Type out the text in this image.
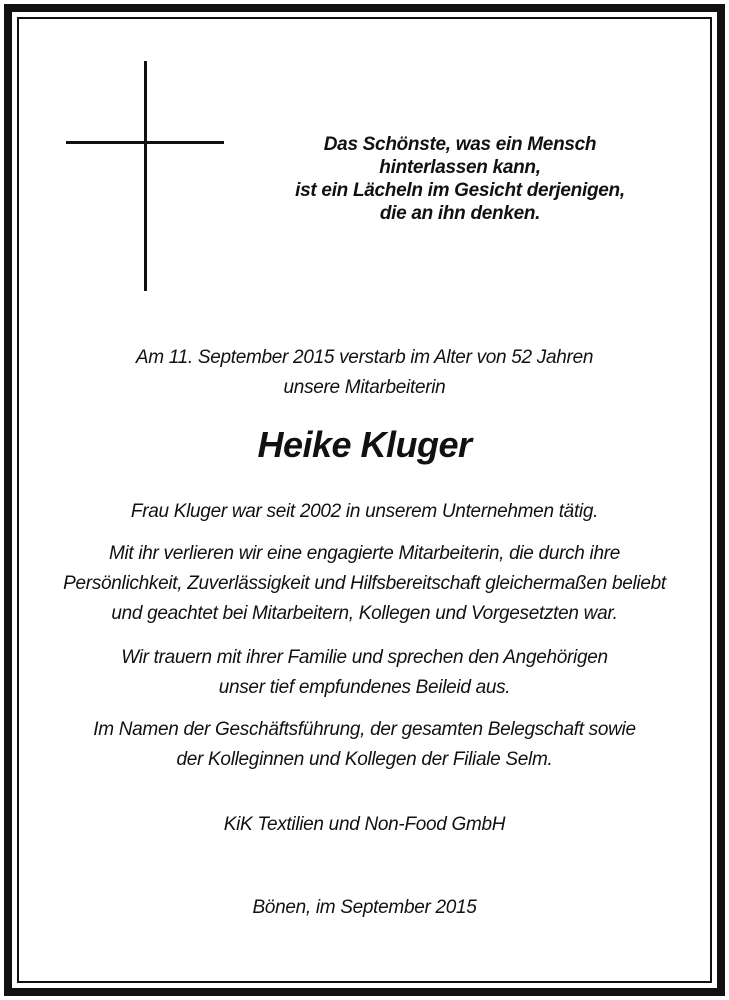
Das Schönste, was ein Mensch
hinterlassen kann,
ist ein Lächeln im Gesicht derjenigen,
die an ihn denken.
Am 11. September 2015 verstarb im Alter von 52 Jahren
unsere Mitarbeiterin
Heike Kluger
Frau Kluger war seit 2002 in unserem Unternehmen tätig.
Mit ihr verlieren wir eine engagierte Mitarbeiterin, die durch ihre
Persönlichkeit, Zuverlässigkeit und Hilfsbereitschaft gleichermaßen beliebt
und geachtet bei Mitarbeitern, Kollegen und Vorgesetzten war.
Wir trauern mit ihrer Familie und sprechen den Angehörigen
unser tief empfundenes Beileid aus.
Im Namen der Geschäftsführung, der gesamten Belegschaft sowie
der Kolleginnen und Kollegen der Filiale Selm.
KiK Textilien und Non-Food GmbH
Bönen, im September 2015
